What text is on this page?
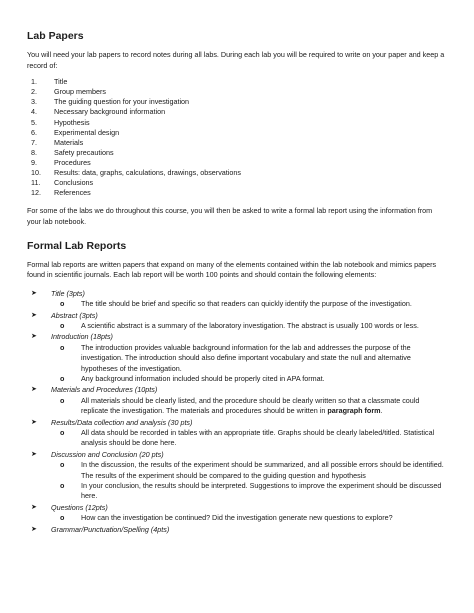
Lab Papers

You will need your lab papers to record notes during all labs. During each lab you will be required to write on your paper and keep a record of:

1.	Title
2.	Group members
3.	The guiding question for your investigation
4.	Necessary background information
5.	Hypothesis
6.	Experimental design
7.	Materials
8.	Safety precautions
9.	Procedures
10.	Results: data, graphs, calculations, drawings, observations
11.	Conclusions
12.	References

For some of the labs we do throughout this course, you will then be asked to write a formal lab report using the information from your lab notebook.

Formal Lab Reports

Formal lab reports are written papers that expand on many of the elements contained within the lab notebook and mimics papers found in scientific journals. Each lab report will be worth 100 points and should contain the following elements:

➤	Title (3pts)
o	The title should be brief and specific so that readers can quickly identify the purpose of the investigation.
➤	Abstract (3pts)
o	A scientific abstract is a summary of the laboratory investigation. The abstract is usually 100 words or less.
➤	Introduction (18pts)
o	The introduction provides valuable background information for the lab and addresses the purpose of the investigation. The introduction should also define important vocabulary and state the null and alternative hypotheses of the investigation.
o	Any background information included should be properly cited in APA format.
➤	Materials and Procedures (10pts)
o	All materials should be clearly listed, and the procedure should be clearly written so that a classmate could replicate the investigation. The materials and procedures should be written in paragraph form.
➤	Results/Data collection and analysis (30 pts)
o	All data should be recorded in tables with an appropriate title. Graphs should be clearly labeled/titled. Statistical analysis should be done here.
➤	Discussion and Conclusion (20 pts)
o	In the discussion, the results of the experiment should be summarized, and all possible errors should be identified. The results of the experiment should be compared to the guiding question and hypothesis
o	In your conclusion, the results should be interpreted. Suggestions to improve the experiment should be discussed here.
➤	Questions (12pts)
o	How can the investigation be continued? Did the investigation generate new questions to explore?
➤	Grammar/Punctuation/Spelling (4pts)
